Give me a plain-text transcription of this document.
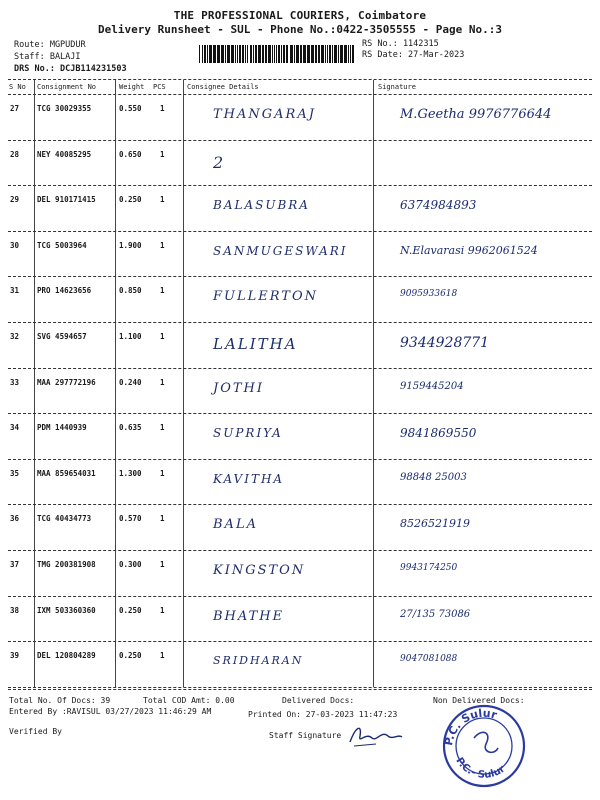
THE PROFESSIONAL COURIERS, Coimbatore
Delivery Runsheet - SUL - Phone No.:0422-3505555 - Page No.:3
Route: MGPUDUR
Staff: BALAJI
DRS No.: DCJB114231503
RS No.: 1142315
RS Date: 27-Mar-2023
S No Consignment No	Weight PCS	Consignee Details	Signature
27 TCG 30029355	0.550 1	THANGARAJ	M.Geetha 9976776644
28 NEY 40085295	0.650 1	2
29 DEL 910171415	0.250 1	BALASUBRA	6374984893
30 TCG 5003964	1.900 1	SANMUGESWARI	N.Elavarasi 9962061524
31 PRO 14623656	0.850 1	FULLERTON	9095933618
32 SVG 4594657	1.100 1	LALITHA	9344928771
33 MAA 297772196	0.240 1	JOTHI	9159445204
34 PDM 1440939	0.635 1	SUPRIYA	9841869550
35 MAA 859654031	1.300 1	KAVITHA	98848 25003
36 TCG 40434773	0.570 1	BALA	8526521919
37 TMG 200381908	0.300 1	KINGSTON	9943174250
38 IXM 503360360	0.250 1	BHATHE	27/135 73086
39 DEL 120804289	0.250 1	SRIDHARAN	9047081088
Total No. Of Docs: 39	Total COD Amt: 0.00	Delivered Docs:	Non Delivered Docs:
Entered By :RAVISUL 03/27/2023 11:46:29 AM	Printed On: 27-03-2023 11:47:23
Verified By	Staff Signature
P.C. Sulur
P.C.- Sulur
